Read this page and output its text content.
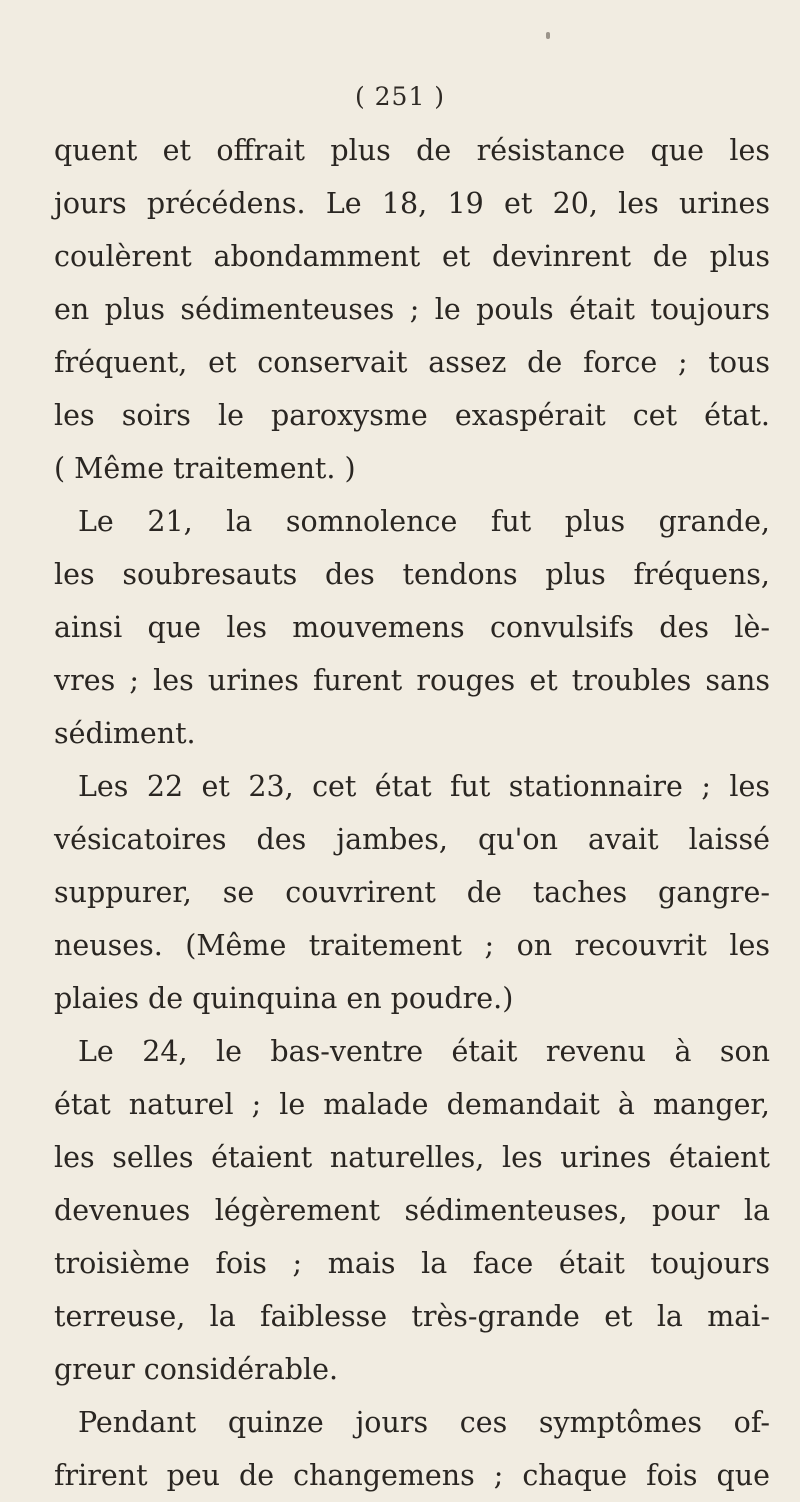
( 251 )
quent et offrait plus de résistance que les
jours précédens. Le 18, 19 et 20, les urines
coulèrent abondamment et devinrent de plus
en plus sédimenteuses ; le pouls était toujours
fréquent, et conservait assez de force ; tous
les soirs le paroxysme exaspérait cet état.
( Même traitement. )
Le 21, la somnolence fut plus grande,
les soubresauts des tendons plus fréquens,
ainsi que les mouvemens convulsifs des lè-
vres ; les urines furent rouges et troubles sans
sédiment.
Les 22 et 23, cet état fut stationnaire ; les
vésicatoires des jambes, qu'on avait laissé
suppurer, se couvrirent de taches gangre-
neuses. (Même traitement ; on recouvrit les
plaies de quinquina en poudre.)
Le 24, le bas-ventre était revenu à son
état naturel ; le malade demandait à manger,
les selles étaient naturelles, les urines étaient
devenues légèrement sédimenteuses, pour la
troisième fois ; mais la face était toujours
terreuse, la faiblesse très-grande et la mai-
greur considérable.
Pendant quinze jours ces symptômes of-
frirent peu de changemens ; chaque fois que
